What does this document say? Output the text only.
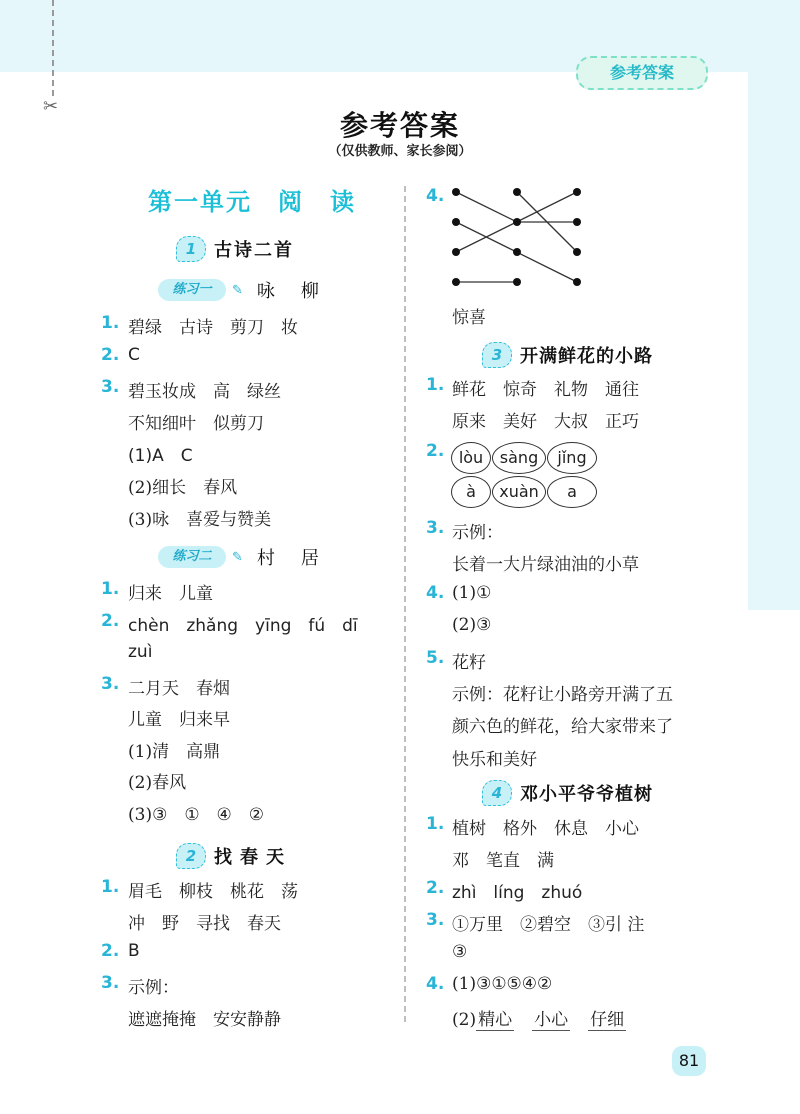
✂
参考答案
参考答案
（仅供教师、家长参阅）
第一单元　阅　读
1 古诗二首
练习一	✎ 咏　柳
1. 碧绿　古诗　剪刀　妆
2. C
3. 碧玉妆成　高　绿丝
不知细叶　似剪刀
(1)A　C
(2)细长　春风
(3)咏　喜爱与赞美
练习二	✎ 村　居
1. 归来　儿童
2. chèn　zhǎng　yīng　fú　dī
zuì
3. 二月天　春烟
儿童　归来早
(1)清　高鼎
(2)春风
(3)③　①　④　②
2 找春天
1. 眉毛　柳枝　桃花　荡
冲　野　寻找　春天
2. B
3. 示例：
遮遮掩掩　安安静静
4.
惊喜
3 开满鲜花的小路
1. 鲜花　惊奇　礼物　通往
原来　美好　大叔　正巧
2. lòu	sàng	jǐng
à	xuàn	a
3. 示例：
长着一大片绿油油的小草
4. (1)①
(2)③
5. 花籽
示例：花籽让小路旁开满了五
颜六色的鲜花，给大家带来了
快乐和美好
4 邓小平爷爷植树
1. 植树　格外　休息　小心
邓　笔直　满
2. zhì　líng　zhuó
3. ①万里　②碧空　③引 注
③
4. (1)③①⑤④②
(2) 精心 小心 仔细
81
